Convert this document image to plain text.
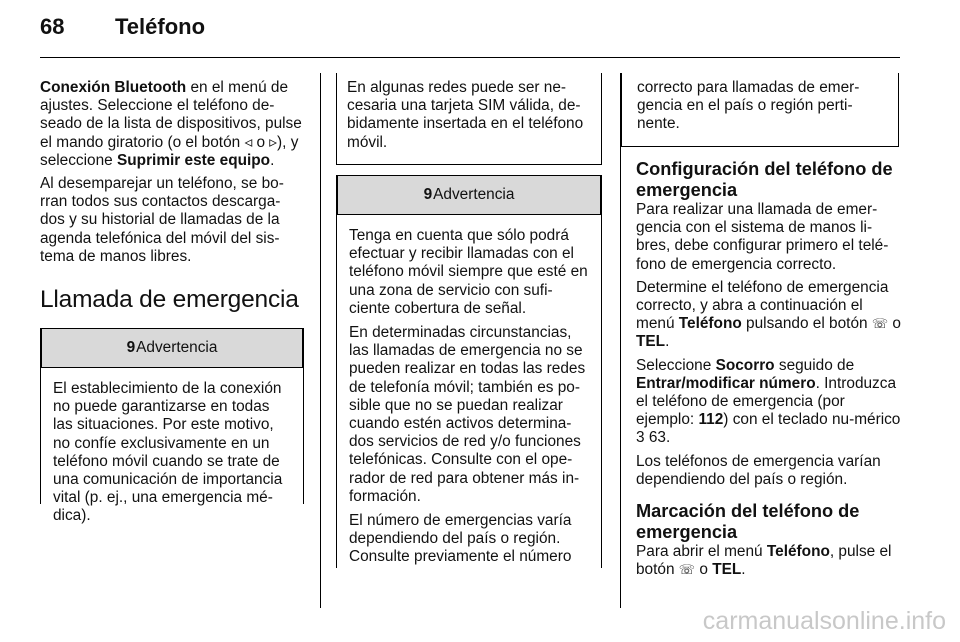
68	Teléfono

Conexión Bluetooth en el menú de ajustes. Seleccione el teléfono de-seado de la lista de dispositivos, pulse el mando giratorio (o el botón ◃ o ▹), y seleccione Suprimir este equipo.

Al desemparejar un teléfono, se bo-rran todos sus contactos descarga-dos y su historial de llamadas de la agenda telefónica del móvil del sis-tema de manos libres.

Llamada de emergencia
9 Advertencia

El establecimiento de la conexión no puede garantizarse en todas las situaciones. Por este motivo, no confíe exclusivamente en un teléfono móvil cuando se trate de una comunicación de importancia vital (p. ej., una emergencia mé-dica).

En algunas redes puede ser ne-cesaria una tarjeta SIM válida, de-bidamente insertada en el teléfono móvil.

9 Advertencia

Tenga en cuenta que sólo podrá efectuar y recibir llamadas con el teléfono móvil siempre que esté en una zona de servicio con sufi-ciente cobertura de señal.

En determinadas circunstancias, las llamadas de emergencia no se pueden realizar en todas las redes de telefonía móvil; también es po-sible que no se puedan realizar cuando estén activos determina-dos servicios de red y/o funciones telefónicas. Consulte con el ope-rador de red para obtener más in-formación.

El número de emergencias varía dependiendo del país o región. Consulte previamente el número

correcto para llamadas de emer-gencia en el país o región perti-nente.

Configuración del teléfono de emergencia

Para realizar una llamada de emer-gencia con el sistema de manos li-bres, debe configurar primero el telé-fono de emergencia correcto.

Determine el teléfono de emergencia correcto, y abra a continuación el menú Teléfono pulsando el botón ☏ o TEL.

Seleccione Socorro seguido de Entrar/modificar número. Introduzca el teléfono de emergencia (por ejemplo: 112) con el teclado nu-mérico 3 63.

Los teléfonos de emergencia varían dependiendo del país o región.

Marcación del teléfono de emergencia

Para abrir el menú Teléfono, pulse el botón ☏ o TEL.

carmanualsonline.info
